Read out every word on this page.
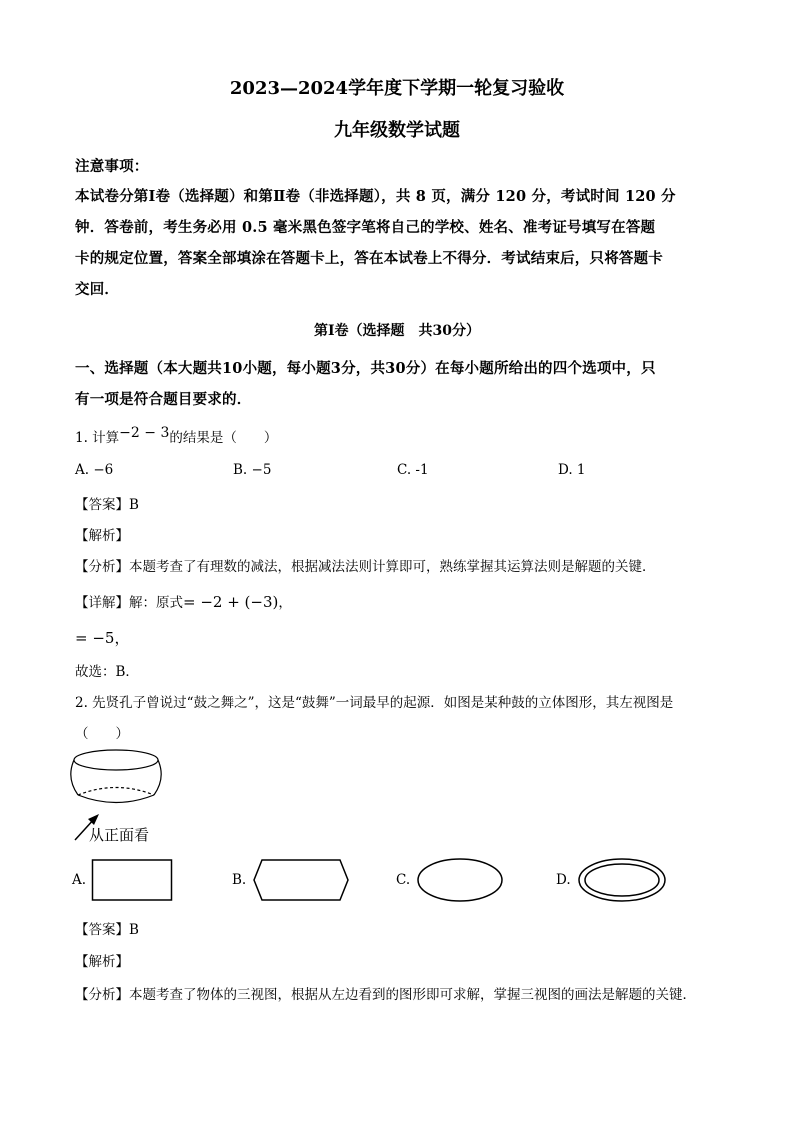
2023—2024学年度下学期一轮复习验收
九年级数学试题
注意事项：
本试卷分第Ⅰ卷（选择题）和第Ⅱ卷（非选择题），共 8 页，满分 120 分，考试时间 120 分
钟．答卷前，考生务必用 0.5 毫米黑色签字笔将自己的学校、姓名、准考证号填写在答题
卡的规定位置，答案全部填涂在答题卡上，答在本试卷上不得分．考试结束后，只将答题卡
交回．
第Ⅰ卷（选择题　共30分）
一、选择题（本大题共10小题，每小题3分，共30分）在每小题所给出的四个选项中，只
有一项是符合题目要求的．
1. 计算−2 − 3的结果是（　　）
A. −6	B. −5	C. -1	D. 1
【答案】B
【解析】
【分析】本题考查了有理数的减法，根据减法法则计算即可，熟练掌握其运算法则是解题的关键．
【详解】解：原式= −2 + (−3)，
= −5，
故选：B．
2. 先贤孔子曾说过“鼓之舞之”，这是“鼓舞”一词最早的起源．如图是某种鼓的立体图形，其左视图是
（　　）
从正面看
A.	B.	C.	D.
【答案】B
【解析】
【分析】本题考查了物体的三视图，根据从左边看到的图形即可求解，掌握三视图的画法是解题的关键．
